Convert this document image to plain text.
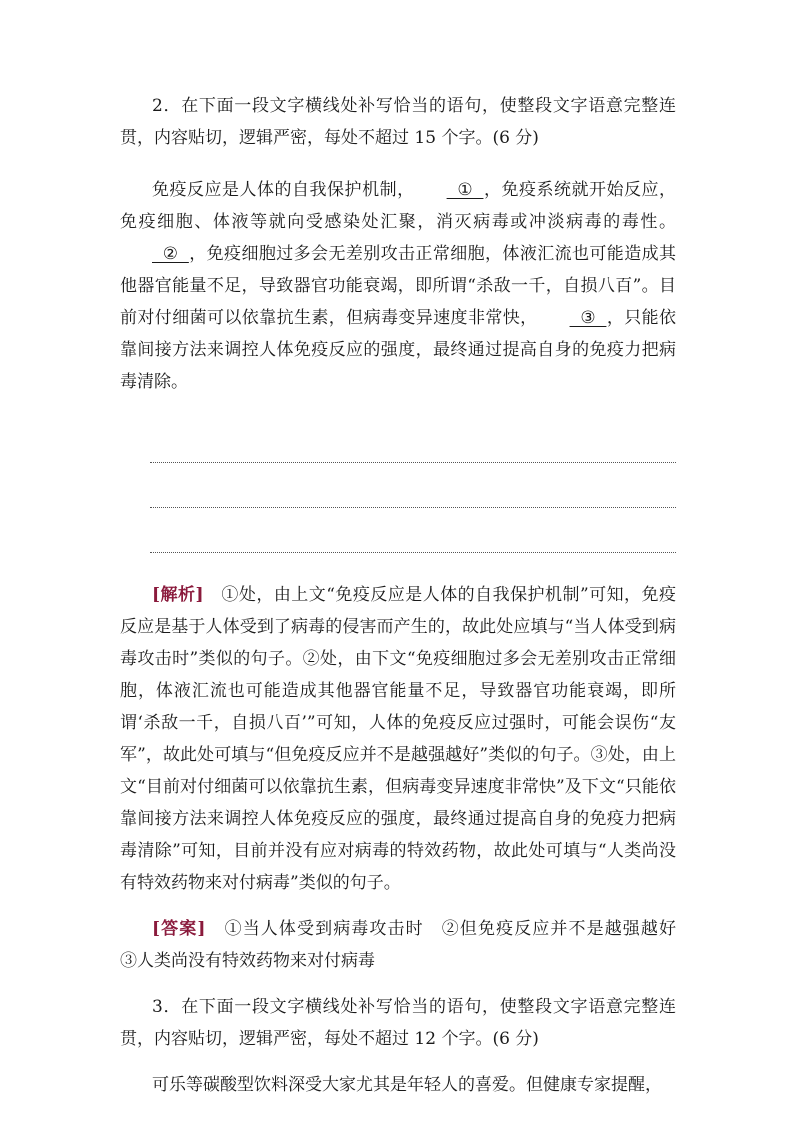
2．在下面一段文字横线处补写恰当的语句，使整段文字语意完整连贯，内容贴切，逻辑严密，每处不超过 15 个字。(6 分)

免疫反应是人体的自我保护机制，  ①  ，免疫系统就开始反应，免疫细胞、体液等就向受感染处汇聚，消灭病毒或冲淡病毒的毒性。  ②  ，免疫细胞过多会无差别攻击正常细胞，体液汇流也可能造成其他器官能量不足，导致器官功能衰竭，即所谓“杀敌一千，自损八百”。目前对付细菌可以依靠抗生素，但病毒变异速度非常快，  ③  ，只能依靠间接方法来调控人体免疫反应的强度，最终通过提高自身的免疫力把病毒清除。

[解析]　①处，由上文“免疫反应是人体的自我保护机制”可知，免疫反应是基于人体受到了病毒的侵害而产生的，故此处应填与“当人体受到病毒攻击时”类似的句子。②处，由下文“免疫细胞过多会无差别攻击正常细胞，体液汇流也可能造成其他器官能量不足，导致器官功能衰竭，即所谓‘杀敌一千，自损八百’”可知，人体的免疫反应过强时，可能会误伤“友军”，故此处可填与“但免疫反应并不是越强越好”类似的句子。③处，由上文“目前对付细菌可以依靠抗生素，但病毒变异速度非常快”及下文“只能依靠间接方法来调控人体免疫反应的强度，最终通过提高自身的免疫力把病毒清除”可知，目前并没有应对病毒的特效药物，故此处可填与“人类尚没有特效药物来对付病毒”类似的句子。

[答案]　①当人体受到病毒攻击时　②但免疫反应并不是越强越好　③人类尚没有特效药物来对付病毒

3．在下面一段文字横线处补写恰当的语句，使整段文字语意完整连贯，内容贴切，逻辑严密，每处不超过 12 个字。(6 分)

可乐等碳酸型饮料深受大家尤其是年轻人的喜爱。但健康专家提醒，
